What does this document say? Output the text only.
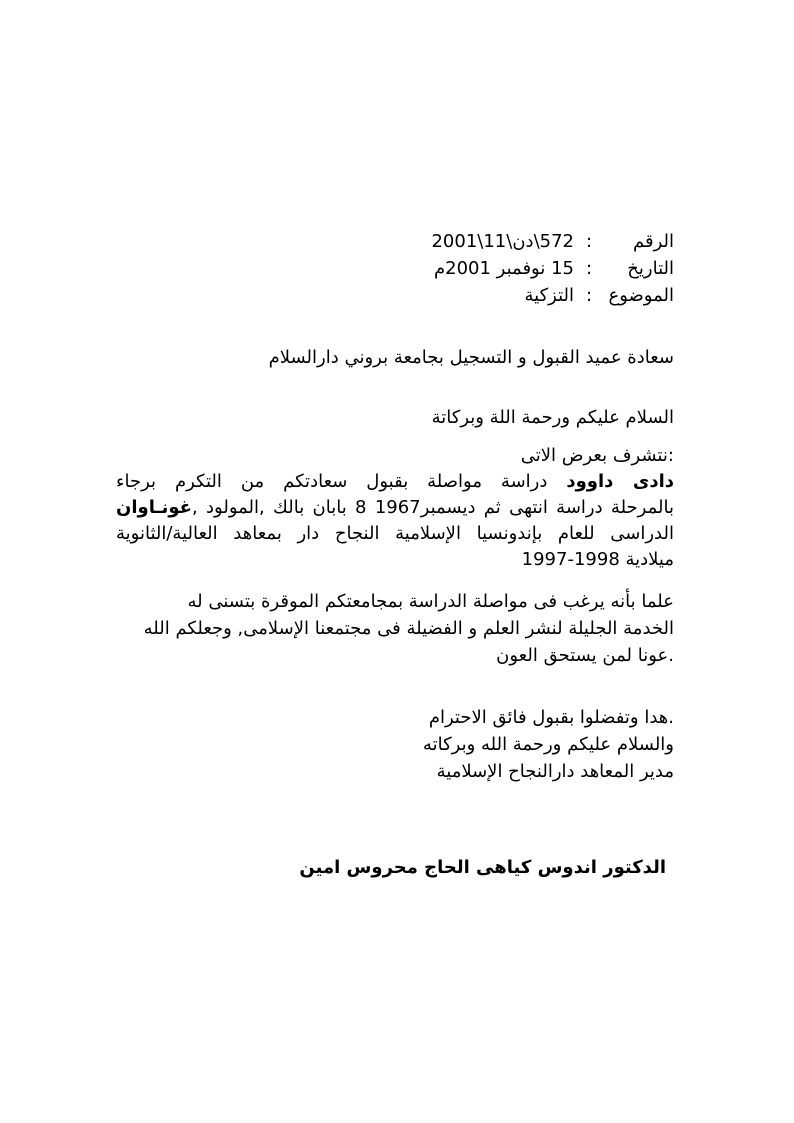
الرقم:572\دن\11\2001
التاريخ:15 نوفمبر 2001م
الموضوع:التزكية
سعادة عميد القبول و التسجيل بجامعة بروني دارالسلام
السلام عليكم ورحمة اللة وبركاتة
:نتشرف بعرض الاتى
دادى داوود دراسة مواصلة بقبول سعادتكم من التكرم برجاء
بالمرحلة دراسة انتهى ثم ديسمبر1967 8 بابان بالك ,المولود ,غونـاوان
الدراسى للعام بإندونسيا الإسلامية النجاح دار بمعاهد العالية/الثانوية
ميلادية 1998-1997
علما بأنه يرغب فى مواصلة الدراسة بمجامعتكم الموقرة بتسنى له
الخدمة الجليلة لنشر العلم و الفضيلة فى مجتمعنا الإسلامى, وجعلكم الله
.عونا لمن يستحق العون
.هدا وتفضلوا بقبول فائق الاحترام
والسلام عليكم ورحمة الله وبركاته
مدير المعاهد دارالنجاح الإسلامية
الدكتور اندوس كياهى الحاج محروس امين
